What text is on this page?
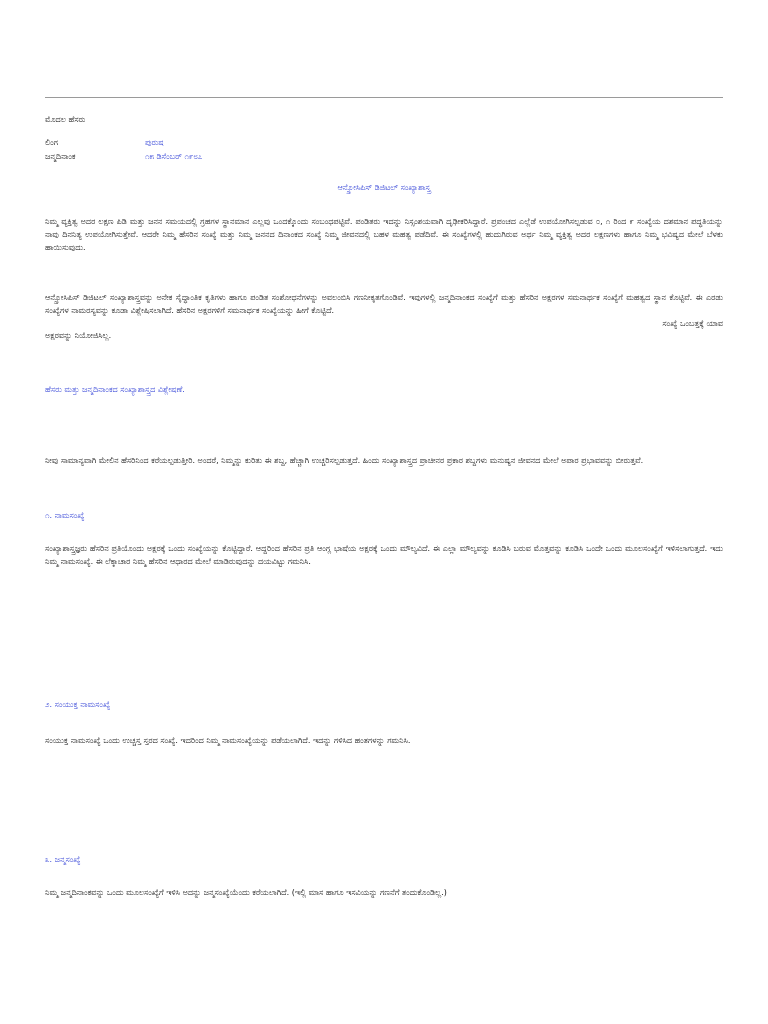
ಮೊದಲ ಹೆಸರು
ಲಿಂಗ	ಪುರುಷ
ಜನ್ಮದಿನಾಂಕ	೧೫ ಡಿಸೆಂಬರ್ ೧೯೮೭
ಆನ್ಸ್ರೋಸಿಪಿಸ್ ಡಿಜಿಟಲ್ ಸಂಖ್ಯಾಶಾಸ್ತ್ರ
ನಿಮ್ಮ ವ್ಯಕ್ತಿತ್ವ ಅದರ ಲಕ್ಷಣ ಪಿಡಿ ಮತ್ತು ಜನನ ಸಮಯದಲ್ಲಿ ಗ್ರಹಗಳ ಸ್ಥಾನಮಾನ ಎಲ್ಲವು ಒಂದಕ್ಕೊಂದು ಸಂಬಂಧಪಟ್ಟಿವೆ. ಪಂಡಿತರು ಇದನ್ನು ನಿಸ್ಸಂಶಯವಾಗಿ ದೃಢೀಕರಿಸಿದ್ದಾರೆ. ಪ್ರಪಂಚದ ಎಲ್ಲೆಡೆ ಉಪಯೋಗಿಸಲ್ಪಡುವ ೦, ೧ ರಿಂದ ೯ ಸಂಖ್ಯೆಯ ದಶಮಾನ ಪದ್ಧತಿಯನ್ನು ನಾವು ದಿನನಿತ್ಯ ಉಪಯೋಗಿಸುತ್ತೇವೆ. ಆದರೇ ನಿಮ್ಮ ಹೆಸರಿನ ಸಂಖ್ಯೆ ಮತ್ತು ನಿಮ್ಮ ಜನನದ ದಿನಾಂಕದ ಸಂಖ್ಯೆ ನಿಮ್ಮ ಜೀವನದಲ್ಲಿ ಬಹಳ ಮಹತ್ವ ಪಡೆದಿವೆ. ಈ ಸಂಖ್ಯೆಗಳಲ್ಲಿ ಹುದುಗಿರುವ ಅರ್ಥ ನಿಮ್ಮ ವ್ಯಕ್ತಿತ್ವ ಅದರ ಲಕ್ಷಣಗಳು ಹಾಗೂ ನಿಮ್ಮ ಭವಿಷ್ಯದ ಮೇಲೆ ಬೆಳಕು ಹಾಯಿಸುವುದು.
ಆನ್ಸ್ರೋಸಿಪಿಸ್ ಡಿಜಿಟಲ್ ಸಂಖ್ಯಾಶಾಸ್ತ್ರವನ್ನು ಅನೇಕ ಸೈದ್ಧಾಂತಿಕ ಕೃತಿಗಳು ಹಾಗೂ ಪಂಡಿತ ಸಂಶೋಧನೆಗಳನ್ನು ಅವಲಂಬಿಸಿ ಗಣನೀಕೃತಗೊಂಡಿವೆ. ಇವುಗಳಲ್ಲಿ ಜನ್ಮದಿನಾಂಕದ ಸಂಖ್ಯೆಗೆ ಮತ್ತು ಹೆಸರಿನ ಅಕ್ಷರಗಳ ಸಮನಾರ್ಥಕ ಸಂಖ್ಯೆಗೆ ಮಹತ್ವದ ಸ್ಥಾನ ಕೊಟ್ಟಿವೆ. ಈ ಎರಡು ಸಂಖ್ಯೆಗಳ ನಾಮರಸ್ಯವನ್ನು ಕೂಡಾ ವಿಶ್ಲೇಷಿಸಲಾಗಿದೆ. ಹೆಸರಿನ ಅಕ್ಷರಗಳಿಗೆ ಸಮನಾರ್ಥಕ ಸಂಖ್ಯೆಯನ್ನು ಹೀಗೆ ಕೊಟ್ಟಿದೆ.
ಸಂಖ್ಯೆ ಒಂಬತ್ತಕ್ಕೆ ಯಾವ
ಅಕ್ಷರವನ್ನು ನಿಯೋಜಿಸಿಲ್ಲ.
ಹೆಸರು ಮತ್ತು ಜನ್ಮದಿನಾಂಕದ ಸಂಖ್ಯಾಶಾಸ್ತ್ರದ ವಿಶ್ಲೇಷಣೆ.
ನೀವು ಸಾಮಾನ್ಯವಾಗಿ ಮೇಲಿನ ಹೆಸರಿನಿಂದ ಕರೆಯಲ್ಪಡುತ್ತೀರಿ. ಅಂದರೆ, ನಿಮ್ಮನ್ನು ಕುರಿತು ಈ ಶಬ್ದ, ಹೆಚ್ಚಾಗಿ ಉಚ್ಚರಿಸಲ್ಪಡುತ್ತದೆ. ಹಿಂದು ಸಂಖ್ಯಾಶಾಸ್ತ್ರದ ಪ್ರಾಚೀನರ ಪ್ರಕಾರ ಶಬ್ದಗಳು ಮನುಷ್ಯನ ಜೀವನದ ಮೇಲೆ ಅಪಾರ ಪ್ರಭಾವವನ್ನು ಬೀರುತ್ತವೆ.
೧. ನಾಮಸಂಖ್ಯೆ
ಸಂಖ್ಯಾಶಾಸ್ತ್ರಜ್ಞರು ಹೆಸರಿನ ಪ್ರತಿಯೊಂದು ಅಕ್ಷರಕ್ಕೆ ಒಂದು ಸಂಖ್ಯೆಯನ್ನು ಕೊಟ್ಟಿದ್ದಾರೆ. ಆದ್ದರಿಂದ ಹೆಸರಿನ ಪ್ರತಿ ಆಂಗ್ಲ ಭಾಷೆಯ ಅಕ್ಷರಕ್ಕೆ ಒಂದು ಮೌಲ್ಯವಿದೆ. ಈ ಎಲ್ಲಾ ಮೌಲ್ಯವನ್ನು ಕೂಡಿಸಿ ಬರುವ ಮೊತ್ತವನ್ನು ಕೂಡಿಸಿ ಒಂದೇ ಒಂದು ಮೂಲಸಂಖ್ಯೆಗೆ ಇಳಿಸಲಾಗುತ್ತದೆ. ಇದು ನಿಮ್ಮ ನಾಮಸಂಖ್ಯೆ. ಈ ಲೆಕ್ಕಾಚಾರ ನಿಮ್ಮ ಹೆಸರಿನ ಆಧಾರದ ಮೇಲೆ ಮಾಡಿರುವುದನ್ನು ದಯವಿಟ್ಟು ಗಮನಿಸಿ.
೨. ಸಂಯುಕ್ತ ನಾಮಸಂಖ್ಯೆ
ಸಂಯುಕ್ತ ನಾಮಸಂಖ್ಯೆ ಒಂದು ಉಚ್ಚಸ್ತ ಸ್ತರದ ಸಂಖ್ಯೆ. ಇದರಿಂದ ನಿಮ್ಮ ನಾಮಸಂಖ್ಯೆಯನ್ನು ಪಡೆಯಲಾಗಿದೆ. ಇದನ್ನು ಗಳಿಸಿದ ಹಂತಗಳನ್ನು ಗಮನಿಸಿ.
೩. ಜನ್ಮಸಂಖ್ಯೆ
ನಿಮ್ಮ ಜನ್ಮದಿನಾಂಕವನ್ನು ಒಂದು ಮೂಲಸಂಖ್ಯೆಗೆ ಇಳಿಸಿ ಅದನ್ನು ಜನ್ಮಸಂಖ್ಯೆಯೆಂದು ಕರೆಯಲಾಗಿದೆ. (ಇಲ್ಲಿ ಮಾಸ ಹಾಗೂ ಇಸವಿಯನ್ನು ಗಣನೆಗೆ ತಂದುಕೊಂಡಿಲ್ಲ.)
